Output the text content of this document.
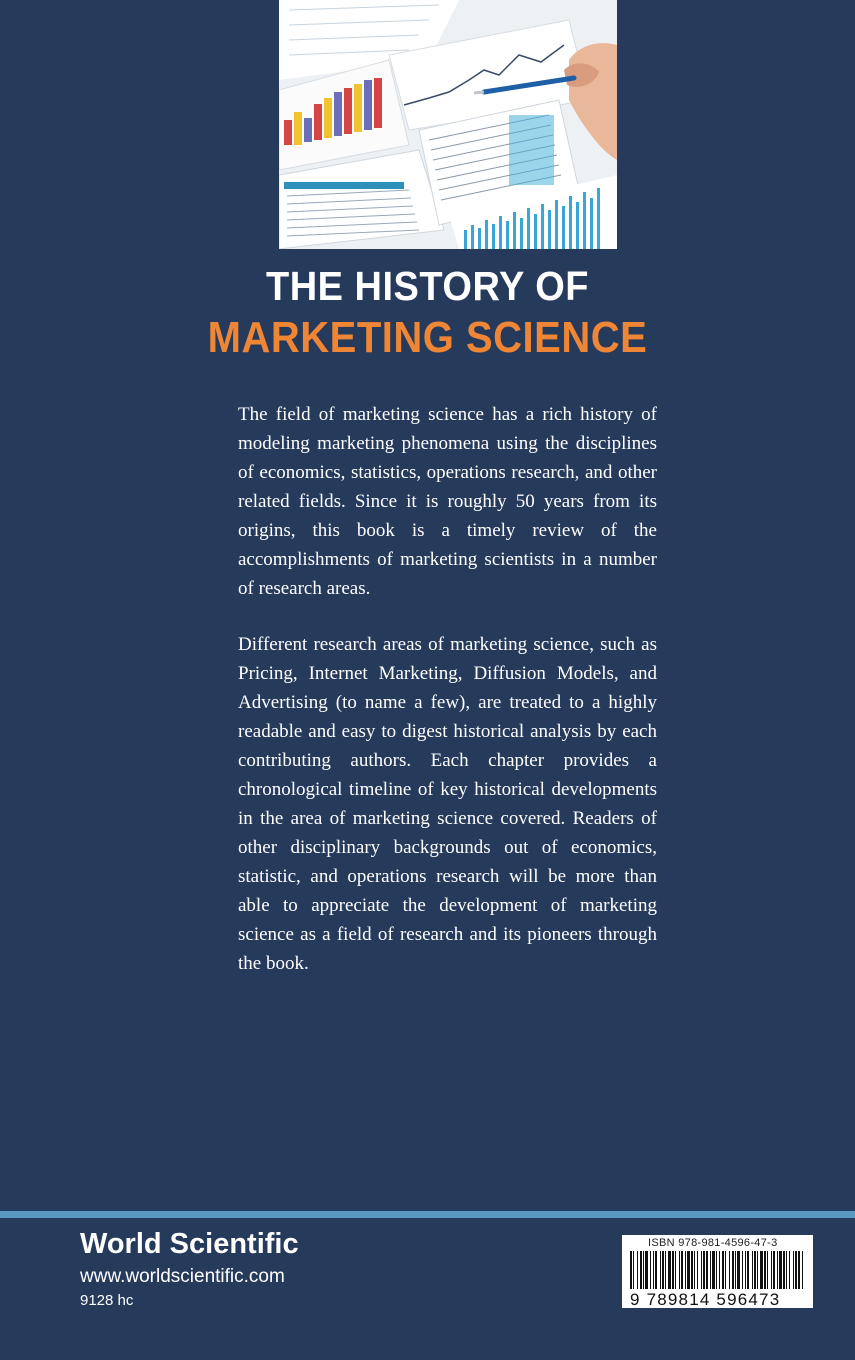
THE HISTORY OF
MARKETING SCIENCE

The field of marketing science has a rich history of modeling marketing phenomena using the disciplines of economics, statistics, operations research, and other related fields. Since it is roughly 50 years from its origins, this book is a timely review of the accomplishments of marketing scientists in a number of research areas.

Different research areas of marketing science, such as Pricing, Internet Marketing, Diffusion Models, and Advertising (to name a few), are treated to a highly readable and easy to digest historical analysis by each contributing authors. Each chapter provides a chronological timeline of key historical developments in the area of marketing science covered. Readers of other disciplinary backgrounds out of economics, statistic, and operations research will be more than able to appreciate the development of marketing science as a field of research and its pioneers through the book.

World Scientific
www.worldscientific.com
9128 hc
ISBN 978-981-4596-47-3
9 789814 596473
